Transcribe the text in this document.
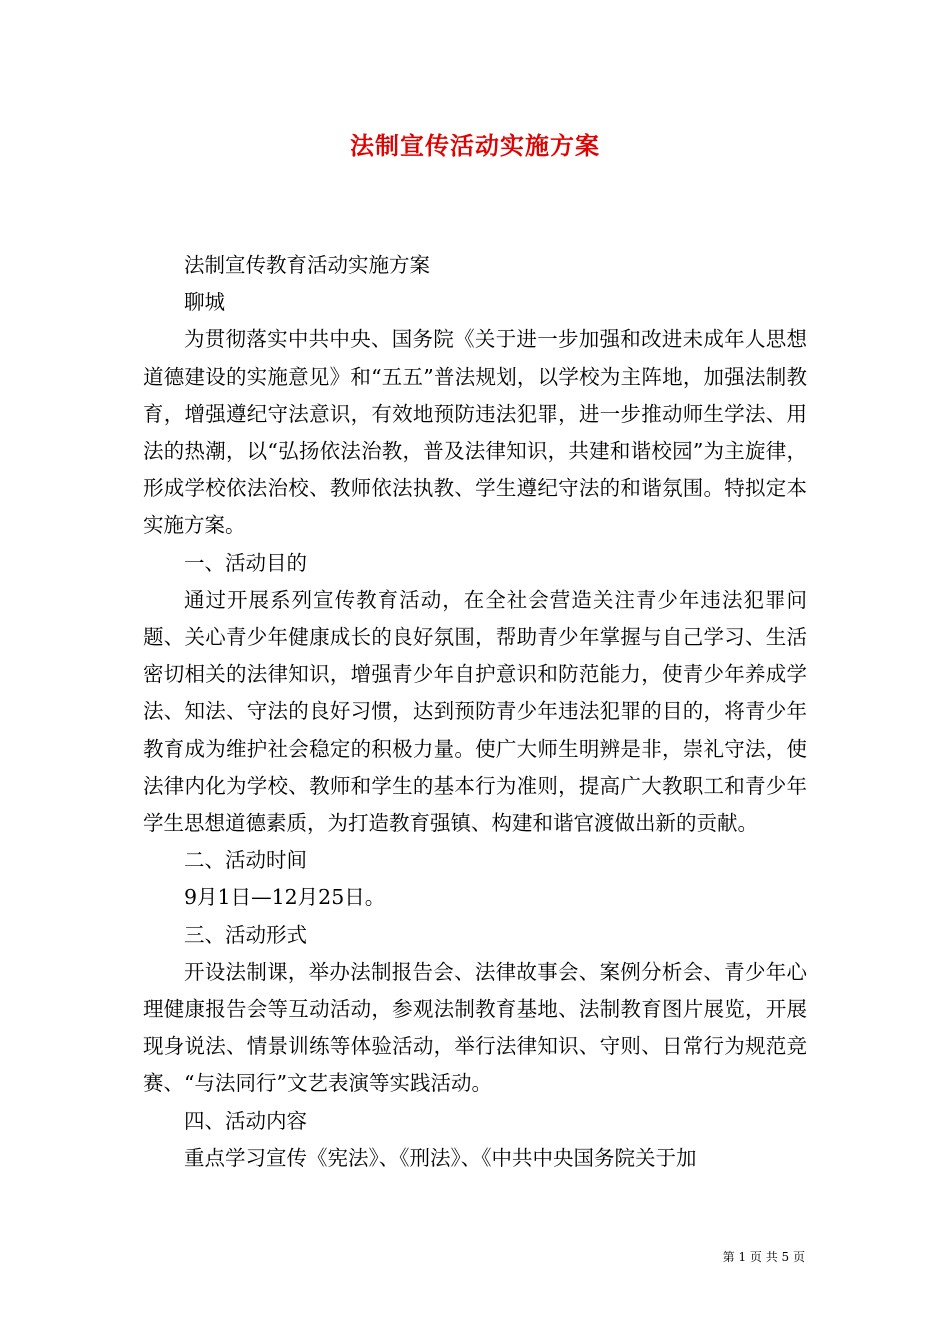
法制宣传活动实施方案

法制宣传教育活动实施方案

聊城

为贯彻落实中共中央、国务院《关于进一步加强和改进未成年人思想道德建设的实施意见》和“五五”普法规划，以学校为主阵地，加强法制教育，增强遵纪守法意识，有效地预防违法犯罪，进一步推动师生学法、用法的热潮，以“弘扬依法治教，普及法律知识，共建和谐校园”为主旋律，形成学校依法治校、教师依法执教、学生遵纪守法的和谐氛围。特拟定本实施方案。

一、活动目的

通过开展系列宣传教育活动，在全社会营造关注青少年违法犯罪问题、关心青少年健康成长的良好氛围，帮助青少年掌握与自己学习、生活密切相关的法律知识，增强青少年自护意识和防范能力，使青少年养成学法、知法、守法的良好习惯，达到预防青少年违法犯罪的目的，将青少年教育成为维护社会稳定的积极力量。使广大师生明辨是非，崇礼守法，使法律内化为学校、教师和学生的基本行为准则，提高广大教职工和青少年学生思想道德素质，为打造教育强镇、构建和谐官渡做出新的贡献。

二、活动时间

9月1日—12月25日。

三、活动形式

开设法制课，举办法制报告会、法律故事会、案例分析会、青少年心理健康报告会等互动活动，参观法制教育基地、法制教育图片展览，开展现身说法、情景训练等体验活动，举行法律知识、守则、日常行为规范竞赛、“与法同行”文艺表演等实践活动。

四、活动内容

重点学习宣传《宪法》、《刑法》、《中共中央国务院关于加

第 1 页 共 5 页
